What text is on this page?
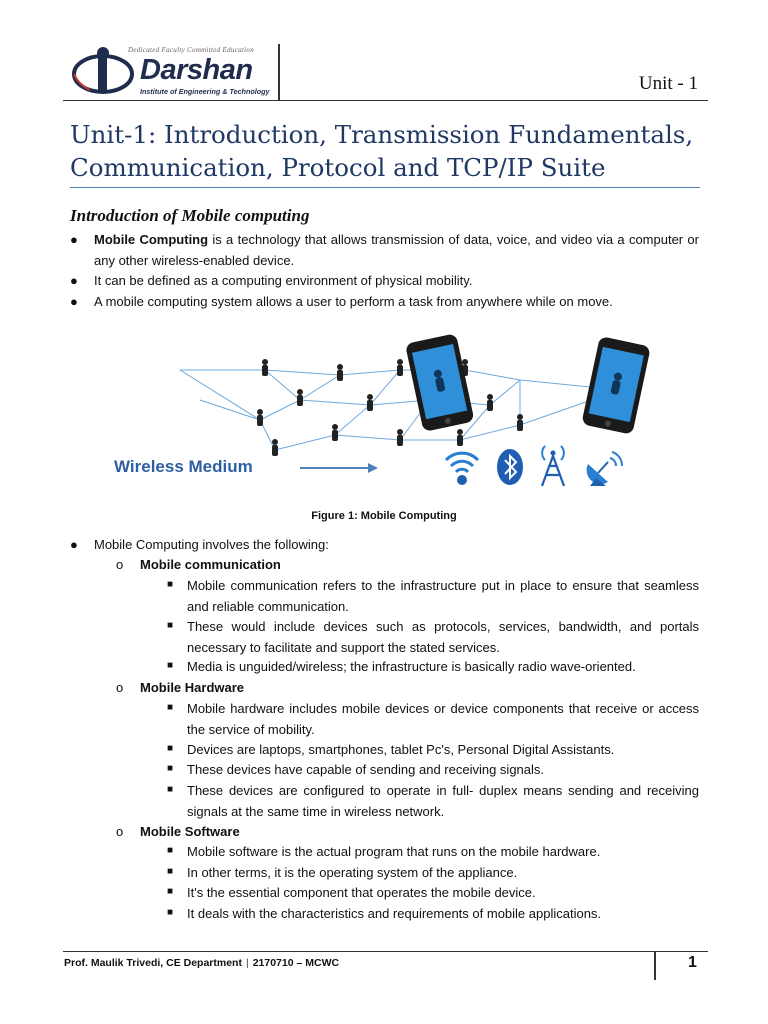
Dedicated Faculty Committed Education
Darshan
Institute of Engineering & Technology	Unit - 1
Unit-1: Introduction, Transmission Fundamentals, Communication, Protocol and TCP/IP Suite
Introduction of Mobile computing
● Mobile Computing is a technology that allows transmission of data, voice, and video via a computer or any other wireless-enabled device.
● It can be defined as a computing environment of physical mobility.
● A mobile computing system allows a user to perform a task from anywhere while on move.
Wireless Medium
Figure 1: Mobile Computing
● Mobile Computing involves the following:
o Mobile communication
■ Mobile communication refers to the infrastructure put in place to ensure that seamless and reliable communication.
■ These would include devices such as protocols, services, bandwidth, and portals necessary to facilitate and support the stated services.
■ Media is unguided/wireless; the infrastructure is basically radio wave-oriented.
o Mobile Hardware
■ Mobile hardware includes mobile devices or device components that receive or access the service of mobility.
■ Devices are laptops, smartphones, tablet Pc's, Personal Digital Assistants.
■ These devices have capable of sending and receiving signals.
■ These devices are configured to operate in full- duplex means sending and receiving signals at the same time in wireless network.
o Mobile Software
■ Mobile software is the actual program that runs on the mobile hardware.
■ In other terms, it is the operating system of the appliance.
■ It's the essential component that operates the mobile device.
■ It deals with the characteristics and requirements of mobile applications.
Prof. Maulik Trivedi, CE Department | 2170710 – MCWC	1
